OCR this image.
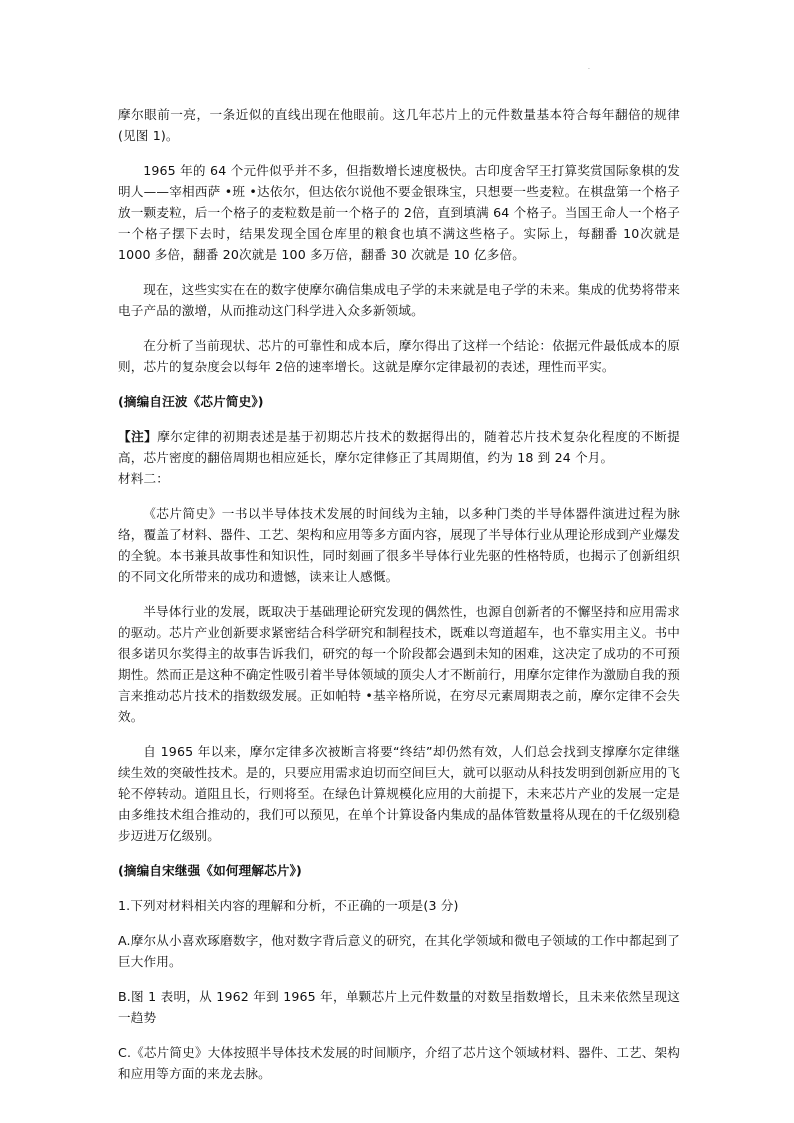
.

摩尔眼前一亮，一条近似的直线出现在他眼前。这几年芯片上的元件数量基本符合每年翻倍的规律(见图 1)。

1965 年的 64 个元件似乎并不多，但指数增长速度极快。古印度舍罕王打算奖赏国际象棋的发明人——宰相西萨 •班 •达依尔，但达依尔说他不要金银珠宝，只想要一些麦粒。在棋盘第一个格子放一颗麦粒，后一个格子的麦粒数是前一个格子的 2倍，直到填满 64 个格子。当国王命人一个格子一个格子摆下去时，结果发现全国仓库里的粮食也填不满这些格子。实际上，每翻番 10次就是 1000 多倍，翻番 20次就是 100 多万倍，翻番 30 次就是 10 亿多倍。

现在，这些实实在在的数字使摩尔确信集成电子学的未来就是电子学的未来。集成的优势将带来电子产品的激增，从而推动这门科学进入众多新领域。

在分析了当前现状、芯片的可靠性和成本后，摩尔得出了这样一个结论：依据元件最低成本的原则，芯片的复杂度会以每年 2倍的速率增长。这就是摩尔定律最初的表述，理性而平实。

(摘编自汪波《芯片简史》)

【注】摩尔定律的初期表述是基于初期芯片技术的数据得出的，随着芯片技术复杂化程度的不断提高，芯片密度的翻倍周期也相应延长，摩尔定律修正了其周期值，约为 18 到 24 个月。
材料二：

《芯片简史》一书以半导体技术发展的时间线为主轴，以多种门类的半导体器件演进过程为脉络，覆盖了材料、器件、工艺、架构和应用等多方面内容，展现了半导体行业从理论形成到产业爆发的全貌。本书兼具故事性和知识性，同时刻画了很多半导体行业先驱的性格特质，也揭示了创新组织的不同文化所带来的成功和遗憾，读来让人感慨。

半导体行业的发展，既取决于基础理论研究发现的偶然性，也源自创新者的不懈坚持和应用需求的驱动。芯片产业创新要求紧密结合科学研究和制程技术，既难以弯道超车，也不靠实用主义。书中很多诺贝尔奖得主的故事告诉我们，研究的每一个阶段都会遇到未知的困难，这决定了成功的不可预期性。然而正是这种不确定性吸引着半导体领域的顶尖人才不断前行，用摩尔定律作为激励自我的预言来推动芯片技术的指数级发展。正如帕特 •基辛格所说，在穷尽元素周期表之前，摩尔定律不会失效。

自 1965 年以来，摩尔定律多次被断言将要“终结”却仍然有效，人们总会找到支撑摩尔定律继续生效的突破性技术。是的，只要应用需求迫切而空间巨大，就可以驱动从科技发明到创新应用的飞轮不停转动。道阻且长，行则将至。在绿色计算规模化应用的大前提下，未来芯片产业的发展一定是由多维技术组合推动的，我们可以预见，在单个计算设备内集成的晶体管数量将从现在的千亿级别稳步迈进万亿级别。

(摘编自宋继强《如何理解芯片》)

1.下列对材料相关内容的理解和分析，不正确的一项是(3 分)

A.摩尔从小喜欢琢磨数字，他对数字背后意义的研究，在其化学领域和微电子领域的工作中都起到了巨大作用。

B.图 1 表明，从 1962 年到 1965 年，单颗芯片上元件数量的对数呈指数增长，且未来依然呈现这一趋势

C.《芯片简史》大体按照半导体技术发展的时间顺序，介绍了芯片这个领域材料、器件、工艺、架构和应用等方面的来龙去脉。
